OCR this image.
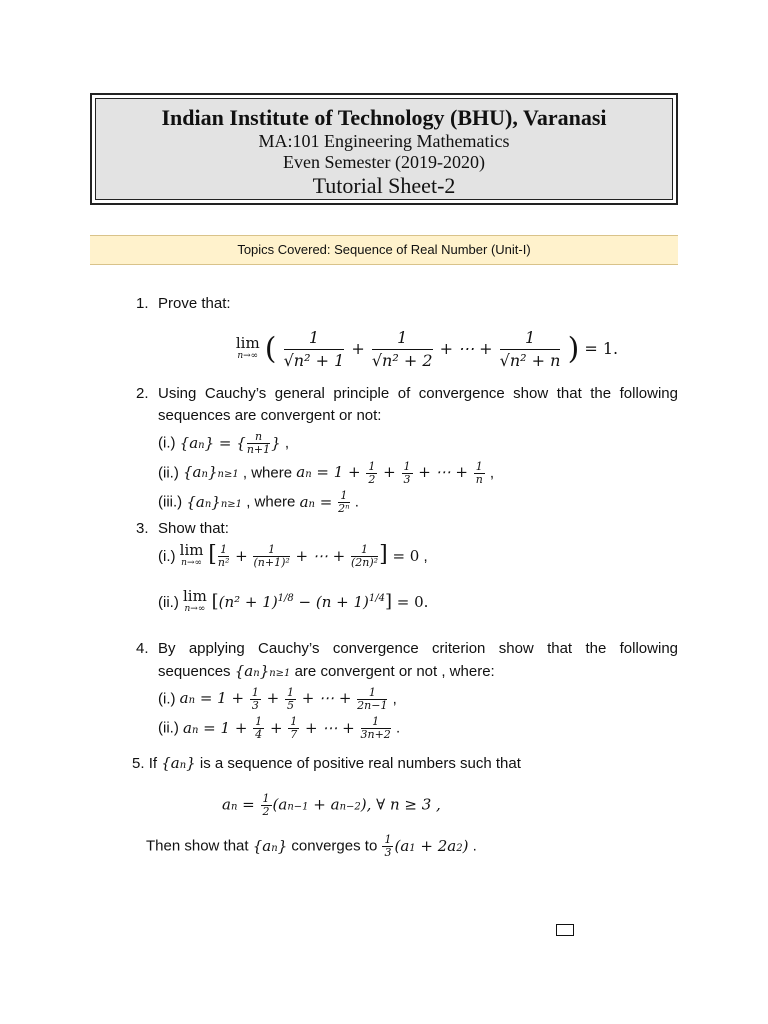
Indian Institute of Technology (BHU), Varanasi
MA:101 Engineering Mathematics
Even Semester (2019-2020)
Tutorial Sheet-2
Topics Covered: Sequence of Real Number (Unit-I)
1. Prove that:
lim
n→∞ ( $\frac{1}{\text{√n² + 1}} + \frac{1}{\text{√n² + 2}}$ + ⋯ + $\frac{1}{\text{√n² + n}}$ ) = 1.
2. Using Cauchy’s general principle of convergence show that the following sequences are convergent or not:
(i.) {an} = { $\frac{n}{n+1}$ } ,
(ii.) {an}n≥1 , where an = $1 + \frac{1}{2} + \frac{1}{3}$ + ⋯ + $\frac{1}{n}$ ,
(iii.) {an}n≥1 , where an = $\frac{1}{\text{2ⁿ}}$ .
3. Show that:
(i.) lim
n→∞ [ $\frac{1}{\text{n²}} + \frac{1}{\text{(n+1)²}}$ + ⋯ + $\frac{1}{\text{(2n)²}}$ ] = 0 ,
(ii.) lim
n→∞ $[(n^2 + 1)^{1/8} - (n + 1)^{1/4}] = 0$.
4. By applying Cauchy’s convergence criterion show that the following sequences {an}n≥1 are convergent or not , where:
(i.) an = $1 + \frac{1}{3} + \frac{1}{5}$ + ⋯ + $\frac{1}{2n-1}$ ,
(ii.) an = $1 + \frac{1}{4} + \frac{1}{7}$ + ⋯ + $\frac{1}{3n+2}$ .
5. If {an} is a sequence of positive real numbers such that
an = $\frac{1}{2} (an-1 + an-2)$, ∀ n ≥ 3 ,
Then show that {an} converges to $\frac{1}{3} (a1 + 2a2)$ .
